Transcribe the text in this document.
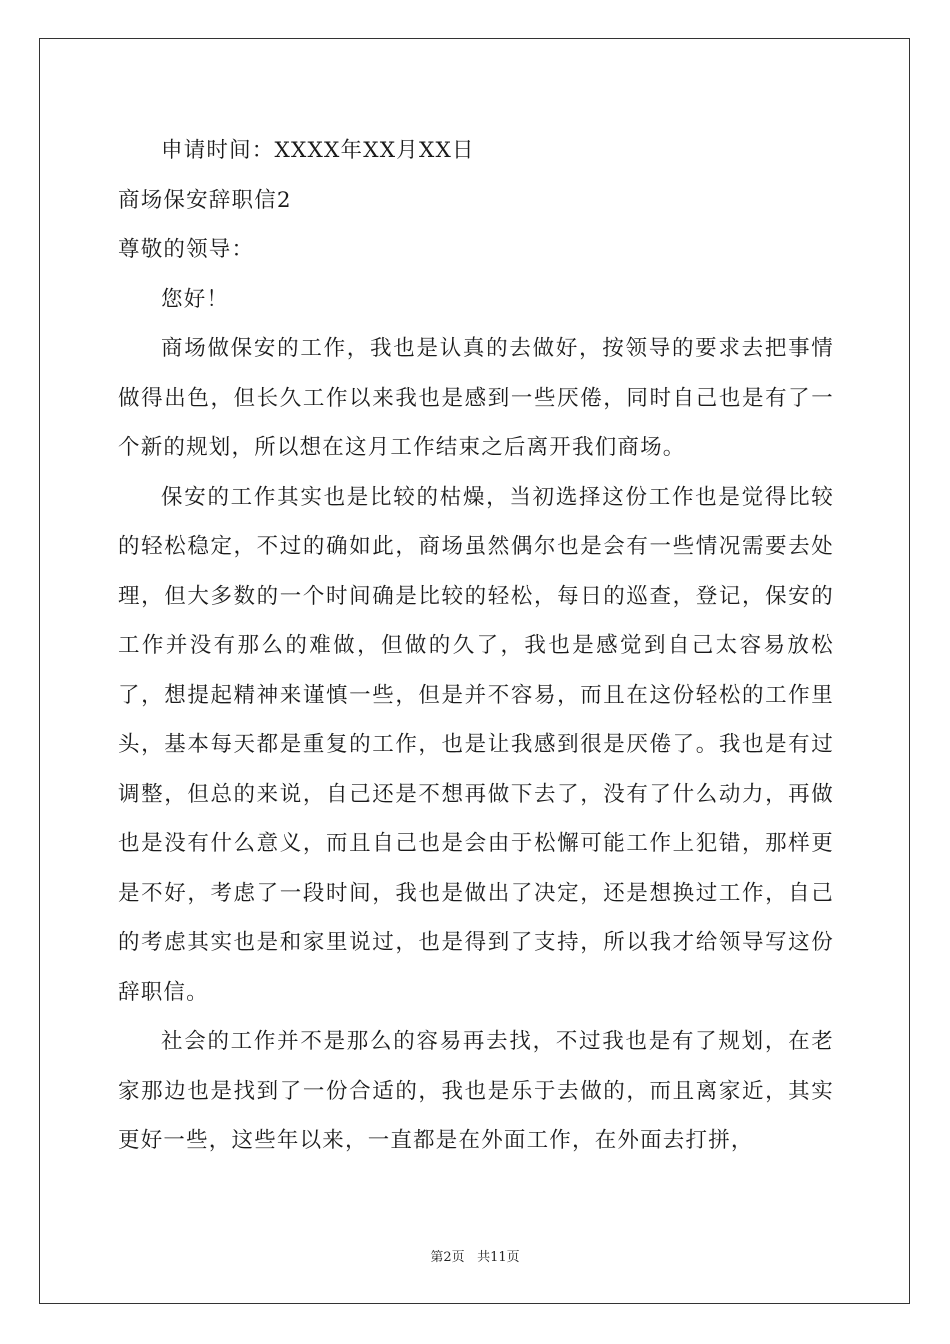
申请时间：XXXX年XX月XX日

商场保安辞职信2

尊敬的领导：

您好！

商场做保安的工作，我也是认真的去做好，按领导的要求去把事情做得出色，但长久工作以来我也是感到一些厌倦，同时自己也是有了一个新的规划，所以想在这月工作结束之后离开我们商场。

保安的工作其实也是比较的枯燥，当初选择这份工作也是觉得比较的轻松稳定，不过的确如此，商场虽然偶尔也是会有一些情况需要去处理，但大多数的一个时间确是比较的轻松，每日的巡查，登记，保安的工作并没有那么的难做，但做的久了，我也是感觉到自己太容易放松了，想提起精神来谨慎一些，但是并不容易，而且在这份轻松的工作里头，基本每天都是重复的工作，也是让我感到很是厌倦了。我也是有过调整，但总的来说，自己还是不想再做下去了，没有了什么动力，再做也是没有什么意义，而且自己也是会由于松懈可能工作上犯错，那样更是不好，考虑了一段时间，我也是做出了决定，还是想换过工作，自己的考虑其实也是和家里说过，也是得到了支持，所以我才给领导写这份辞职信。

社会的工作并不是那么的容易再去找，不过我也是有了规划，在老家那边也是找到了一份合适的，我也是乐于去做的，而且离家近，其实更好一些，这些年以来，一直都是在外面工作，在外面去打拼，

第2页 共11页
